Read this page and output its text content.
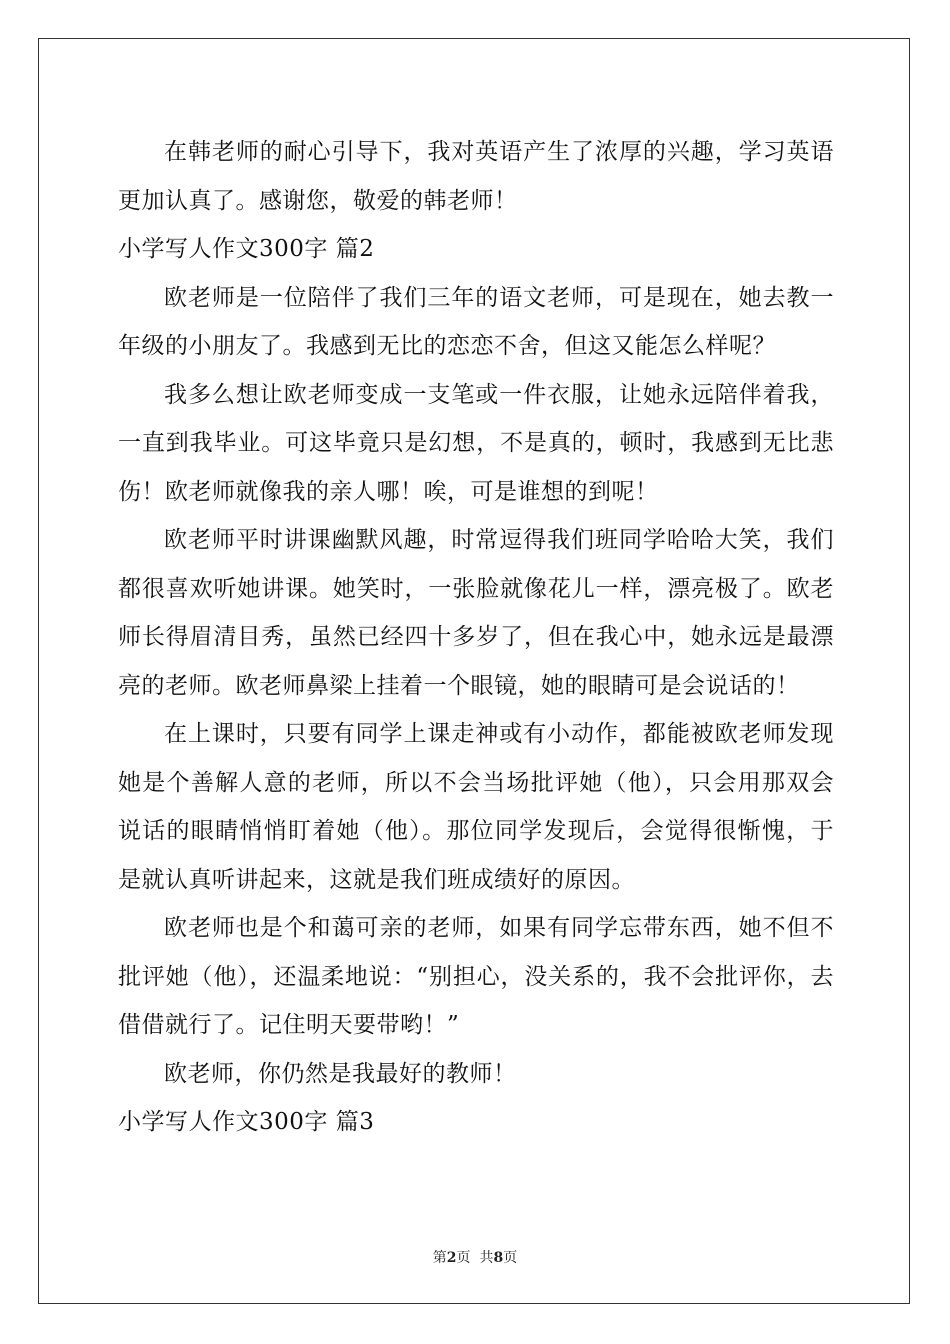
在韩老师的耐心引导下，我对英语产生了浓厚的兴趣，学习英语更加认真了。感谢您，敬爱的韩老师！

小学写人作文300字 篇2

欧老师是一位陪伴了我们三年的语文老师，可是现在，她去教一年级的小朋友了。我感到无比的恋恋不舍，但这又能怎么样呢？

我多么想让欧老师变成一支笔或一件衣服，让她永远陪伴着我，一直到我毕业。可这毕竟只是幻想，不是真的，顿时，我感到无比悲伤！欧老师就像我的亲人哪！唉，可是谁想的到呢！

欧老师平时讲课幽默风趣，时常逗得我们班同学哈哈大笑，我们都很喜欢听她讲课。她笑时，一张脸就像花儿一样，漂亮极了。欧老师长得眉清目秀，虽然已经四十多岁了，但在我心中，她永远是最漂亮的老师。欧老师鼻梁上挂着一个眼镜，她的眼睛可是会说话的！

在上课时，只要有同学上课走神或有小动作，都能被欧老师发现她是个善解人意的老师，所以不会当场批评她（他），只会用那双会说话的眼睛悄悄盯着她（他）。那位同学发现后，会觉得很惭愧，于是就认真听讲起来，这就是我们班成绩好的原因。

欧老师也是个和蔼可亲的老师，如果有同学忘带东西，她不但不批评她（他），还温柔地说：“别担心，没关系的，我不会批评你，去借借就行了。记住明天要带哟！”

欧老师，你仍然是我最好的教师！

小学写人作文300字 篇3

第2页  共8页
